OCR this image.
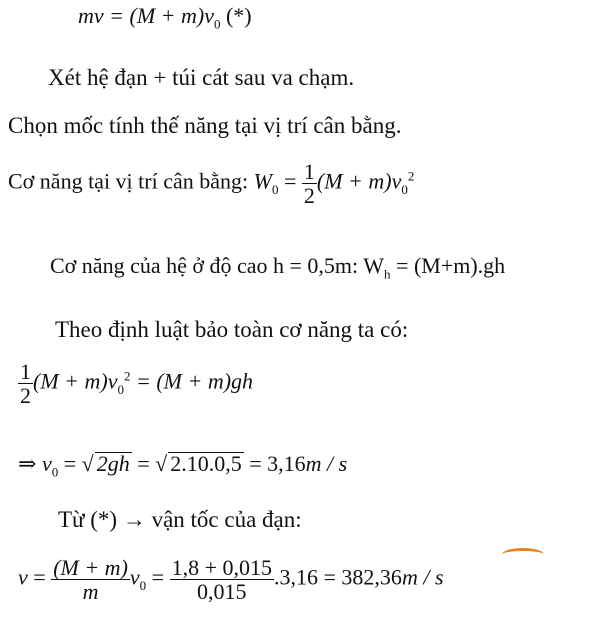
mv = $(M + m)v_0$ (*)
Xét hệ đạn + túi cát sau va chạm.
Chọn mốc tính thế năng tại vị trí cân bằng.
Cơ năng tại vị trí cân bằng: $W_0 = \frac{1}{2} (M + m)v_0^2$
Cơ năng của hệ ở độ cao h = 0,5m: $W_h = (M+m).gh$
Theo định luật bảo toàn cơ năng ta có:
$\frac{1}{2} (M + m)v_0^2 = (M + m)gh$
⇒ $v_0$ = √ 2gh = √ 2.10.0,5 = 3,16m / s
Từ (*) → vận tốc của đạn:
$v = \frac{(M + m)}{m} v_0 = \frac{1,8 + 0,015}{0,015} .3,16 = 382,36m / s$
